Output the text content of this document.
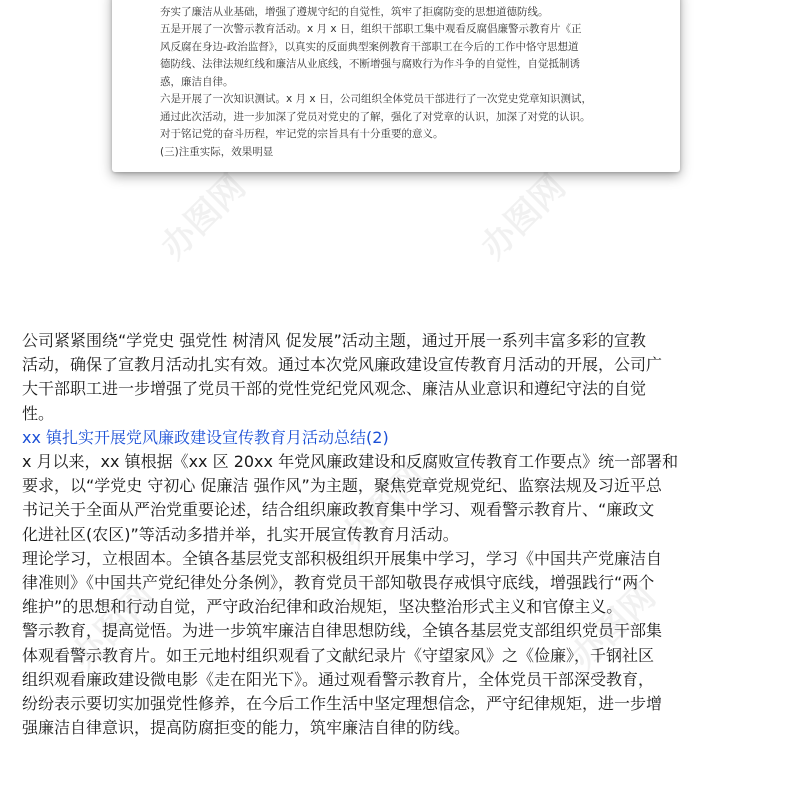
办图网	办图网
办图网
办图网	办图网
夯实了廉洁从业基础，增强了遵规守纪的自觉性，筑牢了拒腐防变的思想道德防线。
五是开展了一次警示教育活动。x 月 x 日，组织干部职工集中观看反腐倡廉警示教育片《正
风反腐在身边-政治监督》，以真实的反面典型案例教育干部职工在今后的工作中恪守思想道
德防线、法律法规红线和廉洁从业底线，不断增强与腐败行为作斗争的自觉性，自觉抵制诱
惑，廉洁自律。
六是开展了一次知识测试。x 月 x 日，公司组织全体党员干部进行了一次党史党章知识测试，
通过此次活动，进一步加深了党员对党史的了解，强化了对党章的认识，加深了对党的认识。
对于铭记党的奋斗历程，牢记党的宗旨具有十分重要的意义。
(三)注重实际，效果明显
公司紧紧围绕“学党史 强党性 树清风 促发展”活动主题，通过开展一系列丰富多彩的宣教
活动，确保了宣教月活动扎实有效。通过本次党风廉政建设宣传教育月活动的开展，公司广
大干部职工进一步增强了党员干部的党性党纪党风观念、廉洁从业意识和遵纪守法的自觉
性。
xx 镇扎实开展党风廉政建设宣传教育月活动总结(2)
x 月以来，xx 镇根据《xx 区 20xx 年党风廉政建设和反腐败宣传教育工作要点》统一部署和
要求，以“学党史 守初心 促廉洁 强作风”为主题，聚焦党章党规党纪、监察法规及习近平总
书记关于全面从严治党重要论述，结合组织廉政教育集中学习、观看警示教育片、“廉政文
化进社区(农区)”等活动多措并举，扎实开展宣传教育月活动。
理论学习，立根固本。全镇各基层党支部积极组织开展集中学习，学习《中国共产党廉洁自
律准则》《中国共产党纪律处分条例》，教育党员干部知敬畏存戒惧守底线，增强践行“两个
维护”的思想和行动自觉，严守政治纪律和政治规矩，坚决整治形式主义和官僚主义。
警示教育，提高觉悟。为进一步筑牢廉洁自律思想防线，全镇各基层党支部组织党员干部集
体观看警示教育片。如王元地村组织观看了文献纪录片《守望家风》之《俭廉》，千钢社区
组织观看廉政建设微电影《走在阳光下》。通过观看警示教育片，全体党员干部深受教育，
纷纷表示要切实加强党性修养，在今后工作生活中坚定理想信念，严守纪律规矩，进一步增
强廉洁自律意识，提高防腐拒变的能力，筑牢廉洁自律的防线。
